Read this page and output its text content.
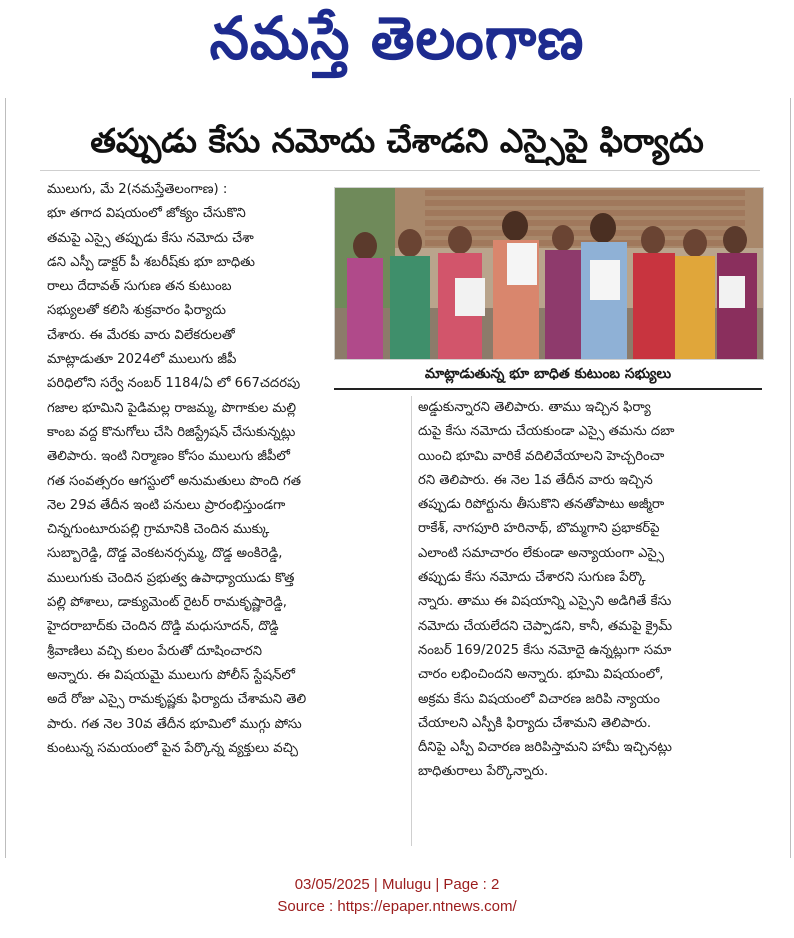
నమస్తే తెలంగాణ
తప్పుడు కేసు నమోదు చేశాడని ఎస్సైపై ఫిర్యాదు
ములుగు, మే 2(నమస్తేతెలంగాణ) :
భూ తగాద విషయంలో జోక్యం చేసుకొని
తమపై ఎస్సై తప్పుడు కేసు నమోదు చేశా
డని ఎస్పీ డాక్టర్ పీ శబరీష్‌కు భూ బాధితు
రాలు దేదావత్ సుగుణ తన కుటుంబ
సభ్యులతో కలిసి శుక్రవారం ఫిర్యాదు
చేశారు. ఈ మేరకు వారు విలేకరులతో
మాట్లాడుతూ 2024లో ములుగు జీపీ
పరిధిలోని సర్వే నంబర్ 1184/ఏ లో 667చదరపు
గజాల భూమిని పైడిమల్ల రాజమ్మ, పొగాకుల మల్లి
కాంబ వద్ద కొనుగోలు చేసి రిజిస్ట్రేషన్ చేసుకున్నట్లు
తెలిపారు. ఇంటి నిర్మాణం కోసం ములుగు జీపీలో
గత సంవత్సరం ఆగస్టులో అనుమతులు పొంది గత
నెల 29వ తేదీన ఇంటి పనులు ప్రారంభిస్తుండగా
చిన్నగుంటూరుపల్లి గ్రామానికి చెందిన ముక్కు
సుబ్బారెడ్డి, దొడ్డ వెంకటనర్సమ్మ, దొడ్డ అంకిరెడ్డి,
ములుగుకు చెందిన ప్రభుత్వ ఉపాధ్యాయుడు కొత్త
పల్లి పోశాలు, డాక్యుమెంట్ రైటర్ రామకృష్ణారెడ్డి,
హైదరాబాద్‌కు చెందిన దొడ్డి మధుసూదన్, దొడ్డి
శ్రీవాణిలు వచ్చి కులం పేరుతో దూషించారని
అన్నారు. ఈ విషయమై ములుగు పోలీస్ స్టేషన్‌లో
అదే రోజు ఎస్సై రామకృష్ణకు ఫిర్యాదు చేశామని తెలి
పారు. గత నెల 30వ తేదీన భూమిలో ముగ్గు పోసు
కుంటున్న సమయంలో పైన పేర్కొన్న వ్యక్తులు వచ్చి
మాట్లాడుతున్న భూ బాధిత కుటుంబ సభ్యులు
అడ్డుకున్నారని తెలిపారు. తాము ఇచ్చిన ఫిర్యా
దుపై కేసు నమోదు చేయకుండా ఎస్సై తమను దబా
యించి భూమి వారికే వదిలివేయాలని హెచ్చరించా
రని తెలిపారు. ఈ నెల 1వ తేదీన వారు ఇచ్చిన
తప్పుడు రిపోర్టును తీసుకొని తనతోపాటు అజ్మీరా
రాకేశ్, నాగపూరి హరినాథ్, బొమ్మగాని ప్రభాకర్‌పై
ఎలాంటి సమాచారం లేకుండా అన్యాయంగా ఎస్సై
తప్పుడు కేసు నమోదు చేశారని సుగుణ పేర్కొ
న్నారు. తాము ఈ విషయాన్ని ఎస్సైని అడిగితే కేసు
నమోదు చేయలేదని చెప్పాడని, కానీ, తమపై క్రైమ్
నంబర్ 169/2025 కేసు నమోదై ఉన్నట్లుగా సమా
చారం లభించిందని అన్నారు. భూమి విషయంలో,
అక్రమ కేసు విషయంలో విచారణ జరిపి న్యాయం
చేయాలని ఎస్పీకి ఫిర్యాదు చేశామని తెలిపారు.
దీనిపై ఎస్పీ విచారణ జరిపిస్తామని హామీ ఇచ్చినట్లు
బాధితురాలు పేర్కొన్నారు.
03/05/2025 | Mulugu | Page : 2
Source : https://epaper.ntnews.com/
